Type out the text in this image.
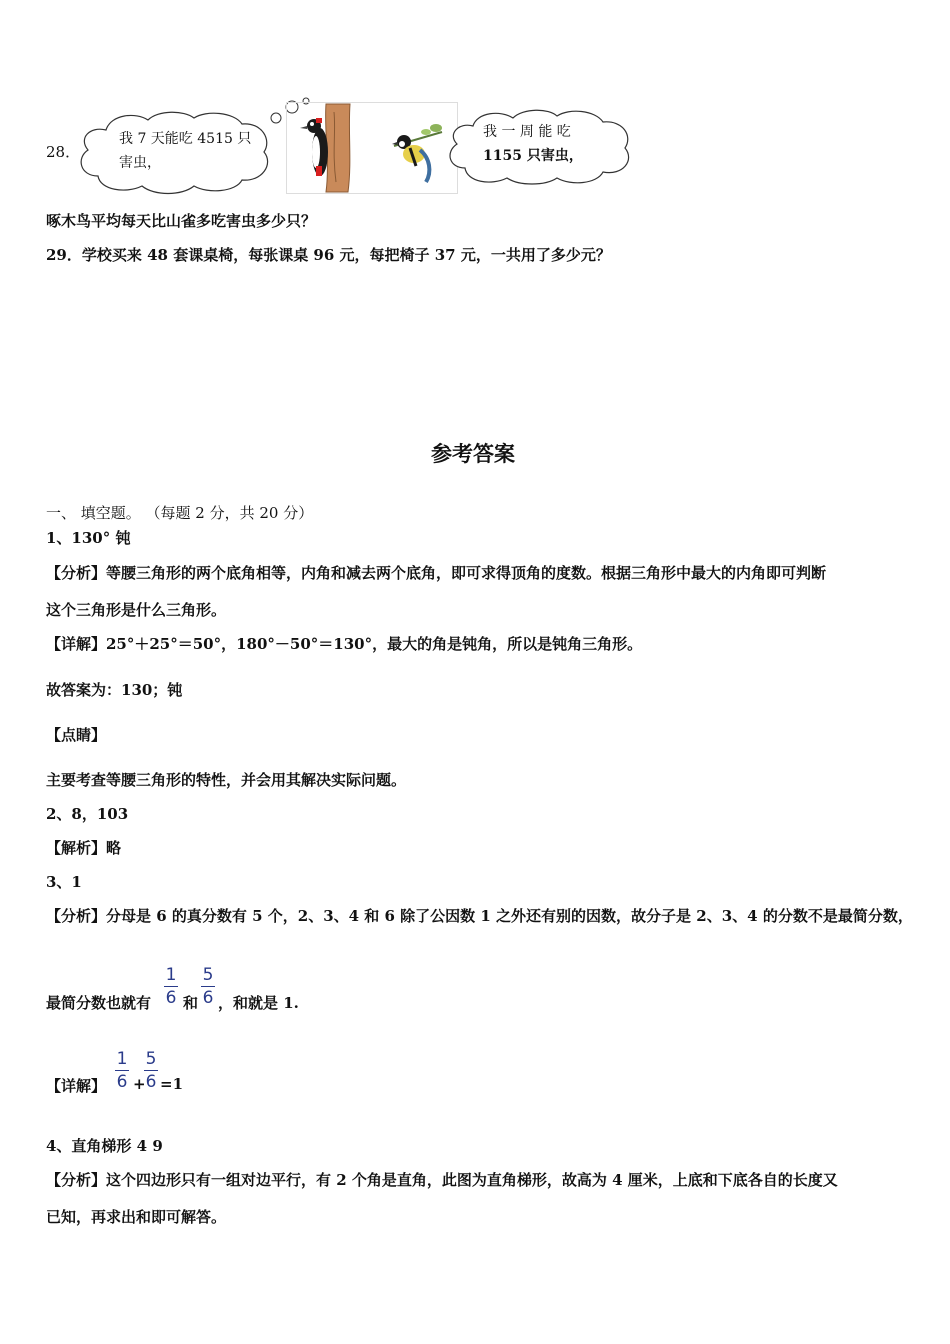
28．
我 7 天能吃 4515 只
害虫，
我 一 周 能 吃
1155 只害虫，
啄木鸟平均每天比山雀多吃害虫多少只？
29．学校买来 48 套课桌椅，每张课桌 96 元，每把椅子 37 元，一共用了多少元？
参考答案
一、 填空题。 （每题 2 分，共 20 分）
1、130° 钝
【分析】等腰三角形的两个底角相等，内角和减去两个底角，即可求得顶角的度数。根据三角形中最大的内角即可判断
这个三角形是什么三角形。
【详解】25°＋25°＝50°，180°－50°＝130°，最大的角是钝角，所以是钝角三角形。
故答案为：130；钝
【点睛】
主要考查等腰三角形的特性，并会用其解决实际问题。
2、8，103
【解析】略
3、1
【分析】分母是 6 的真分数有 5 个，2、3、4 和 6 除了公因数 1 之外还有别的因数，故分子是 2、3、4 的分数不是最简分数，
最简分数也就有
1
6 和
5
6 ，和就是 1.
【详解】
1
6 +
5
6 =1
4、直角梯形 4 9
【分析】这个四边形只有一组对边平行，有 2 个角是直角，此图为直角梯形，故高为 4 厘米，上底和下底各自的长度又
已知，再求出和即可解答。
